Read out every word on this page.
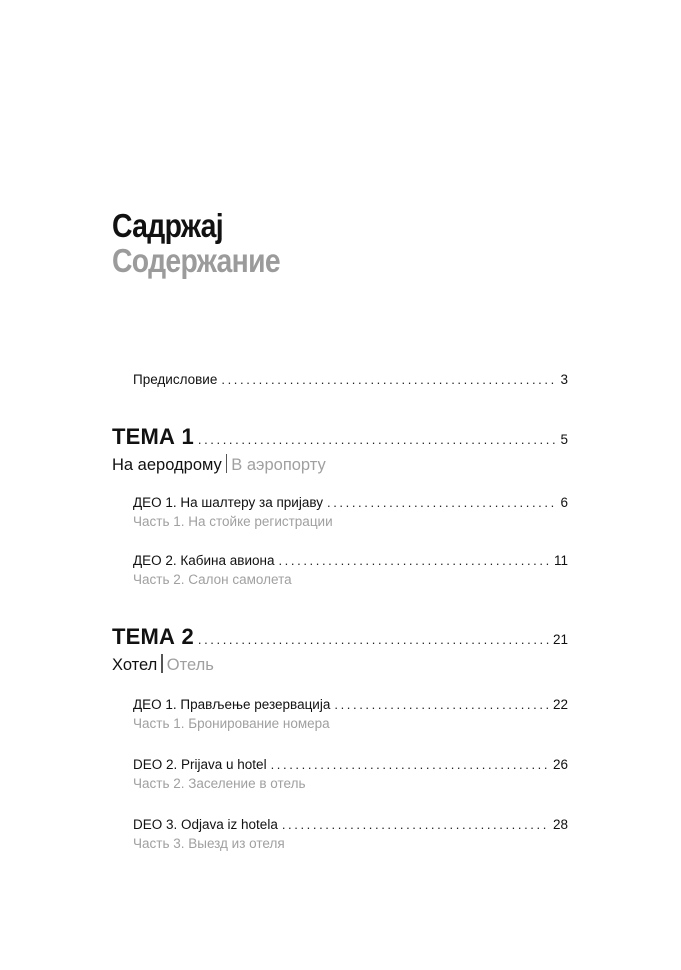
Садржај
Содержание
Предисловие .....	3
ТЕМА 1 .....	5
На аеродрому В аэропорту
ДЕО 1. На шалтеру за пријаву .....	6
Часть 1. На стойке регистрации
ДЕО 2. Кабина авиона .....	11
Часть 2. Салон самолета
ТЕМА 2 .....	21
Хотел Отель
ДЕО 1. Прављење резервација .....	22
Часть 1. Бронирование номера
DEO 2. Prijava u hotel .....	26
Часть 2. Заселение в отель
DEO 3. Odjava iz hotela .....	28
Часть 3. Выезд из отеля
